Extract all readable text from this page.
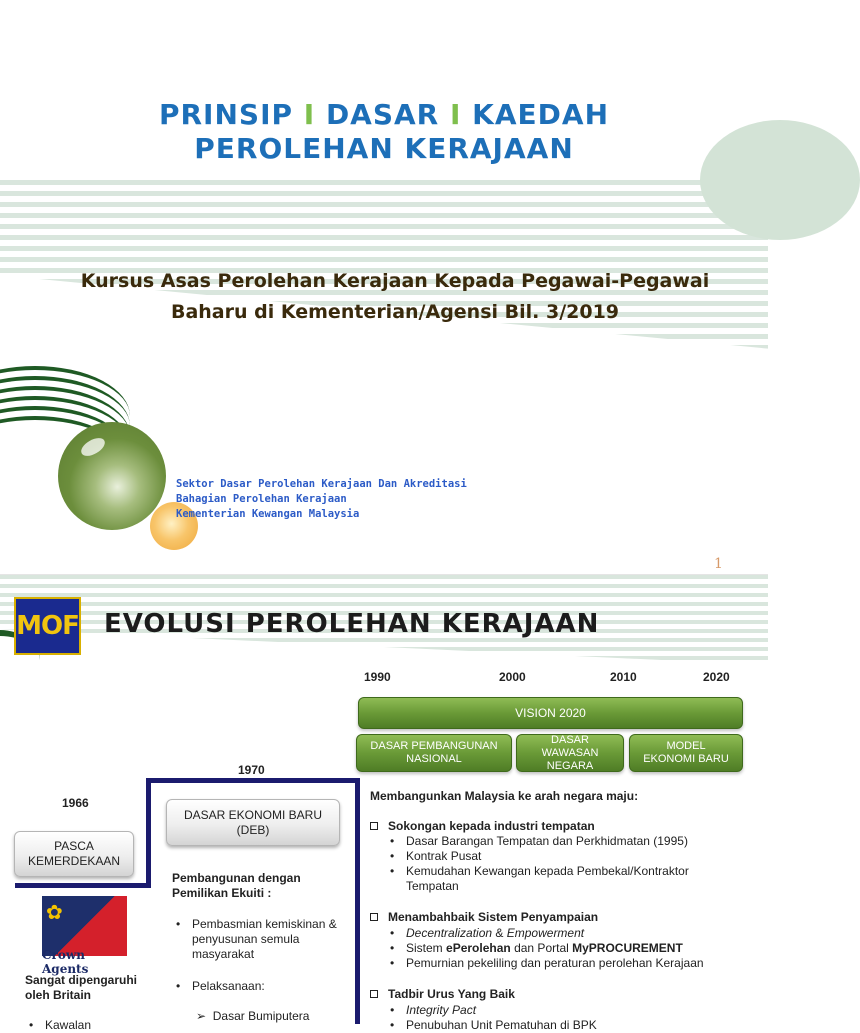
PRINSIP I DASAR I KAEDAH
PEROLEHAN KERAJAAN
Kursus Asas Perolehan Kerajaan Kepada Pegawai-Pegawai
Baharu di Kementerian/Agensi Bil. 3/2019
Sektor Dasar Perolehan Kerajaan Dan Akreditasi
Bahagian Perolehan Kerajaan
Kementerian Kewangan Malaysia
1
MOF EVOLUSI PEROLEHAN KERAJAAN
1990	2000	2010	2020
VISION 2020
DASAR PEMBANGUNAN NASIONAL
DASAR WAWASAN NEGARA
MODEL EKONOMI BARU
1970
1966
DASAR EKONOMI BARU (DEB)
PASCA KEMERDEKAAN
✿
Crown Agents
Sangat dipengaruhi oleh Britain
• Kawalan
Pembangunan dengan Pemilikan Ekuiti :
• Pembasmian kemiskinan & penyusunan semula masyarakat
• Pelaksanaan:
➢ Dasar Bumiputera
Membangunkan Malaysia ke arah negara maju:
Sokongan kepada industri tempatan
• Dasar Barangan Tempatan dan Perkhidmatan (1995)
• Kontrak Pusat
• Kemudahan Kewangan kepada Pembekal/Kontraktor Tempatan
Menambahbaik Sistem Penyampaian
• Decentralization & Empowerment
• Sistem ePerolehan dan Portal MyPROCUREMENT
• Pemurnian pekeliling dan peraturan perolehan Kerajaan
Tadbir Urus Yang Baik
• Integrity Pact
• Penubuhan Unit Pematuhan di BPK
